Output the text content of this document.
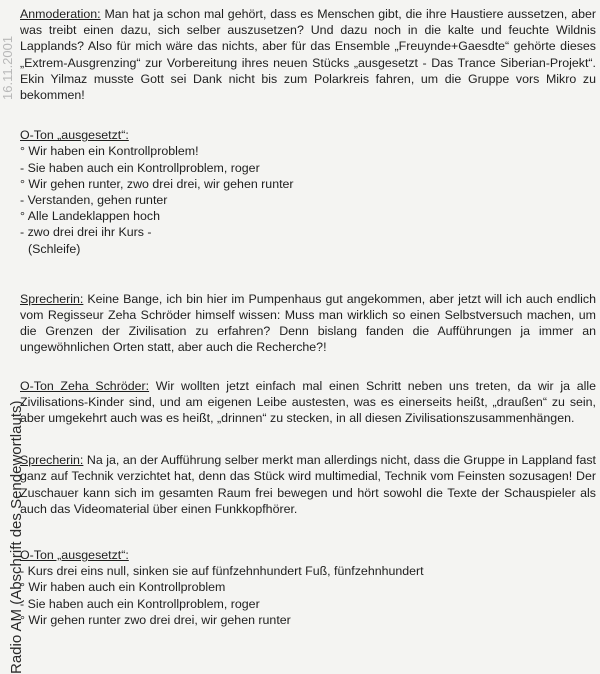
16.11.2001
Radio AM (Abschrift des Sendewortlauts)

Anmoderation: Man hat ja schon mal gehört, dass es Menschen gibt, die ihre Haustiere aussetzen, aber was treibt einen dazu, sich selber auszusetzen? Und dazu noch in die kalte und feuchte Wildnis Lapplands? Also für mich wäre das nichts, aber für das Ensemble „Freuynde+Gaesdte“ gehörte dieses „Extrem-Ausgrenzing“ zur Vorbereitung ihres neuen Stücks „ausgesetzt - Das Trance Siberian-Projekt“. Ekin Yilmaz musste Gott sei Dank nicht bis zum Polarkreis fahren, um die Gruppe vors Mikro zu bekommen!

O-Ton „ausgesetzt“:
° Wir haben ein Kontrollproblem!
- Sie haben auch ein Kontrollproblem, roger
° Wir gehen runter, zwo drei drei, wir gehen runter
- Verstanden, gehen runter
° Alle Landeklappen hoch
- zwo drei drei ihr Kurs -
(Schleife)

Sprecherin: Keine Bange, ich bin hier im Pumpenhaus gut angekommen, aber jetzt will ich auch endlich vom Regisseur Zeha Schröder himself wissen: Muss man wirklich so einen Selbstversuch machen, um die Grenzen der Zivilisation zu erfahren? Denn bislang fanden die Aufführungen ja immer an ungewöhnlichen Orten statt, aber auch die Recherche?!

O-Ton Zeha Schröder: Wir wollten jetzt einfach mal einen Schritt neben uns treten, da wir ja alle Zivilisations-Kinder sind, und am eigenen Leibe austesten, was es einerseits heißt, „draußen“ zu sein, aber umgekehrt auch was es heißt, „drinnen“ zu stecken, in all diesen Zivilisationszusammenhängen.

Sprecherin: Na ja, an der Aufführung selber merkt man allerdings nicht, dass die Gruppe in Lappland fast ganz auf Technik verzichtet hat, denn das Stück wird multimedial, Technik vom Feinsten sozusagen! Der Zuschauer kann sich im gesamten Raum frei bewegen und hört sowohl die Texte der Schauspieler als auch das Videomaterial über einen Funkkopfhörer.

O-Ton „ausgesetzt“:
- Kurs drei eins null, sinken sie auf fünfzehnhundert Fuß, fünfzehnhundert
° Wir haben auch ein Kontrollproblem
- Sie haben auch ein Kontrollproblem, roger
° Wir gehen runter zwo drei drei, wir gehen runter
